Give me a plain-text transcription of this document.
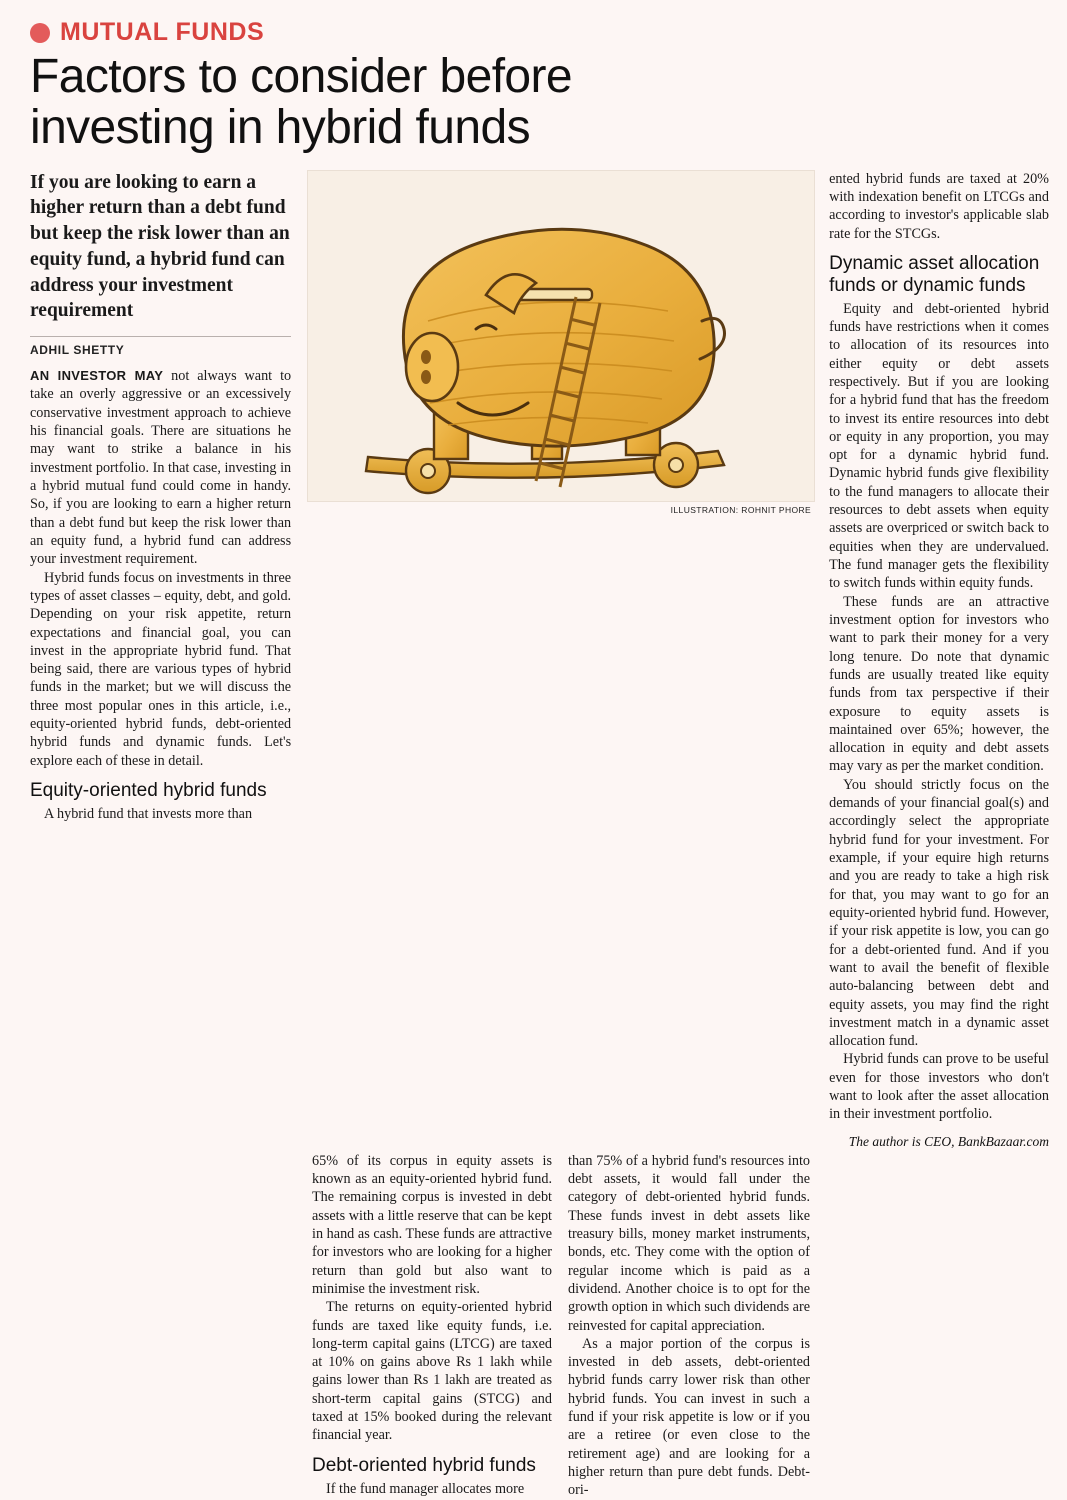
MUTUAL FUNDS
Factors to consider before investing in hybrid funds
If you are looking to earn a higher return than a debt fund but keep the risk lower than an equity fund, a hybrid fund can address your investment requirement
ADHIL SHETTY

AN INVESTOR MAY not always want to take an overly aggressive or an excessively conservative investment approach to achieve his financial goals. There are situations he may want to strike a balance in his investment portfolio. In that case, investing in a hybrid mutual fund could come in handy. So, if you are looking to earn a higher return than a debt fund but keep the risk lower than an equity fund, a hybrid fund can address your investment requirement.

Hybrid funds focus on investments in three types of asset classes – equity, debt, and gold. Depending on your risk appetite, return expectations and financial goal, you can invest in the appropriate hybrid fund. That being said, there are various types of hybrid funds in the market; but we will discuss the three most popular ones in this article, i.e., equity-oriented hybrid funds, debt-oriented hybrid funds and dynamic funds. Let's explore each of these in detail.

Equity-oriented hybrid funds

A hybrid fund that invests more than

ILLUSTRATION: ROHNIT PHORE

ented hybrid funds are taxed at 20% with indexation benefit on LTCGs and according to investor's applicable slab rate for the STCGs.

Dynamic asset allocation funds or dynamic funds

Equity and debt-oriented hybrid funds have restrictions when it comes to allocation of its resources into either equity or debt assets respectively. But if you are looking for a hybrid fund that has the freedom to invest its entire resources into debt or equity in any proportion, you may opt for a dynamic hybrid fund. Dynamic hybrid funds give flexibility to the fund managers to allocate their resources to debt assets when equity assets are overpriced or switch back to equities when they are undervalued. The fund manager gets the flexibility to switch funds within equity funds.

These funds are an attractive investment option for investors who want to park their money for a very long tenure. Do note that dynamic funds are usually treated like equity funds from tax perspective if their exposure to equity assets is maintained over 65%; however, the allocation in equity and debt assets may vary as per the market condition.

You should strictly focus on the demands of your financial goal(s) and accordingly select the appropriate hybrid fund for your investment. For example, if your equire high returns and you are ready to take a high risk for that, you may want to go for an equity-oriented hybrid fund. However, if your risk appetite is low, you can go for a debt-oriented fund. And if you want to avail the benefit of flexible auto-balancing between debt and equity assets, you may find the right investment match in a dynamic asset allocation fund.

Hybrid funds can prove to be useful even for those investors who don't want to look after the asset allocation in their investment portfolio.

The author is CEO, BankBazaar.com

65% of its corpus in equity assets is known as an equity-oriented hybrid fund. The remaining corpus is invested in debt assets with a little reserve that can be kept in hand as cash. These funds are attractive for investors who are looking for a higher return than gold but also want to minimise the investment risk.

The returns on equity-oriented hybrid funds are taxed like equity funds, i.e. long-term capital gains (LTCG) are taxed at 10% on gains above Rs 1 lakh while gains lower than Rs 1 lakh are treated as short-term capital gains (STCG) and taxed at 15% booked during the relevant financial year.

Debt-oriented hybrid funds

If the fund manager allocates more

than 75% of a hybrid fund's resources into debt assets, it would fall under the category of debt-oriented hybrid funds. These funds invest in debt assets like treasury bills, money market instruments, bonds, etc. They come with the option of regular income which is paid as a dividend. Another choice is to opt for the growth option in which such dividends are reinvested for capital appreciation.

As a major portion of the corpus is invested in deb assets, debt-oriented hybrid funds carry lower risk than other hybrid funds. You can invest in such a fund if your risk appetite is low or if you are a retiree (or even close to the retirement age) and are looking for a higher return than pure debt funds. Debt-ori-
